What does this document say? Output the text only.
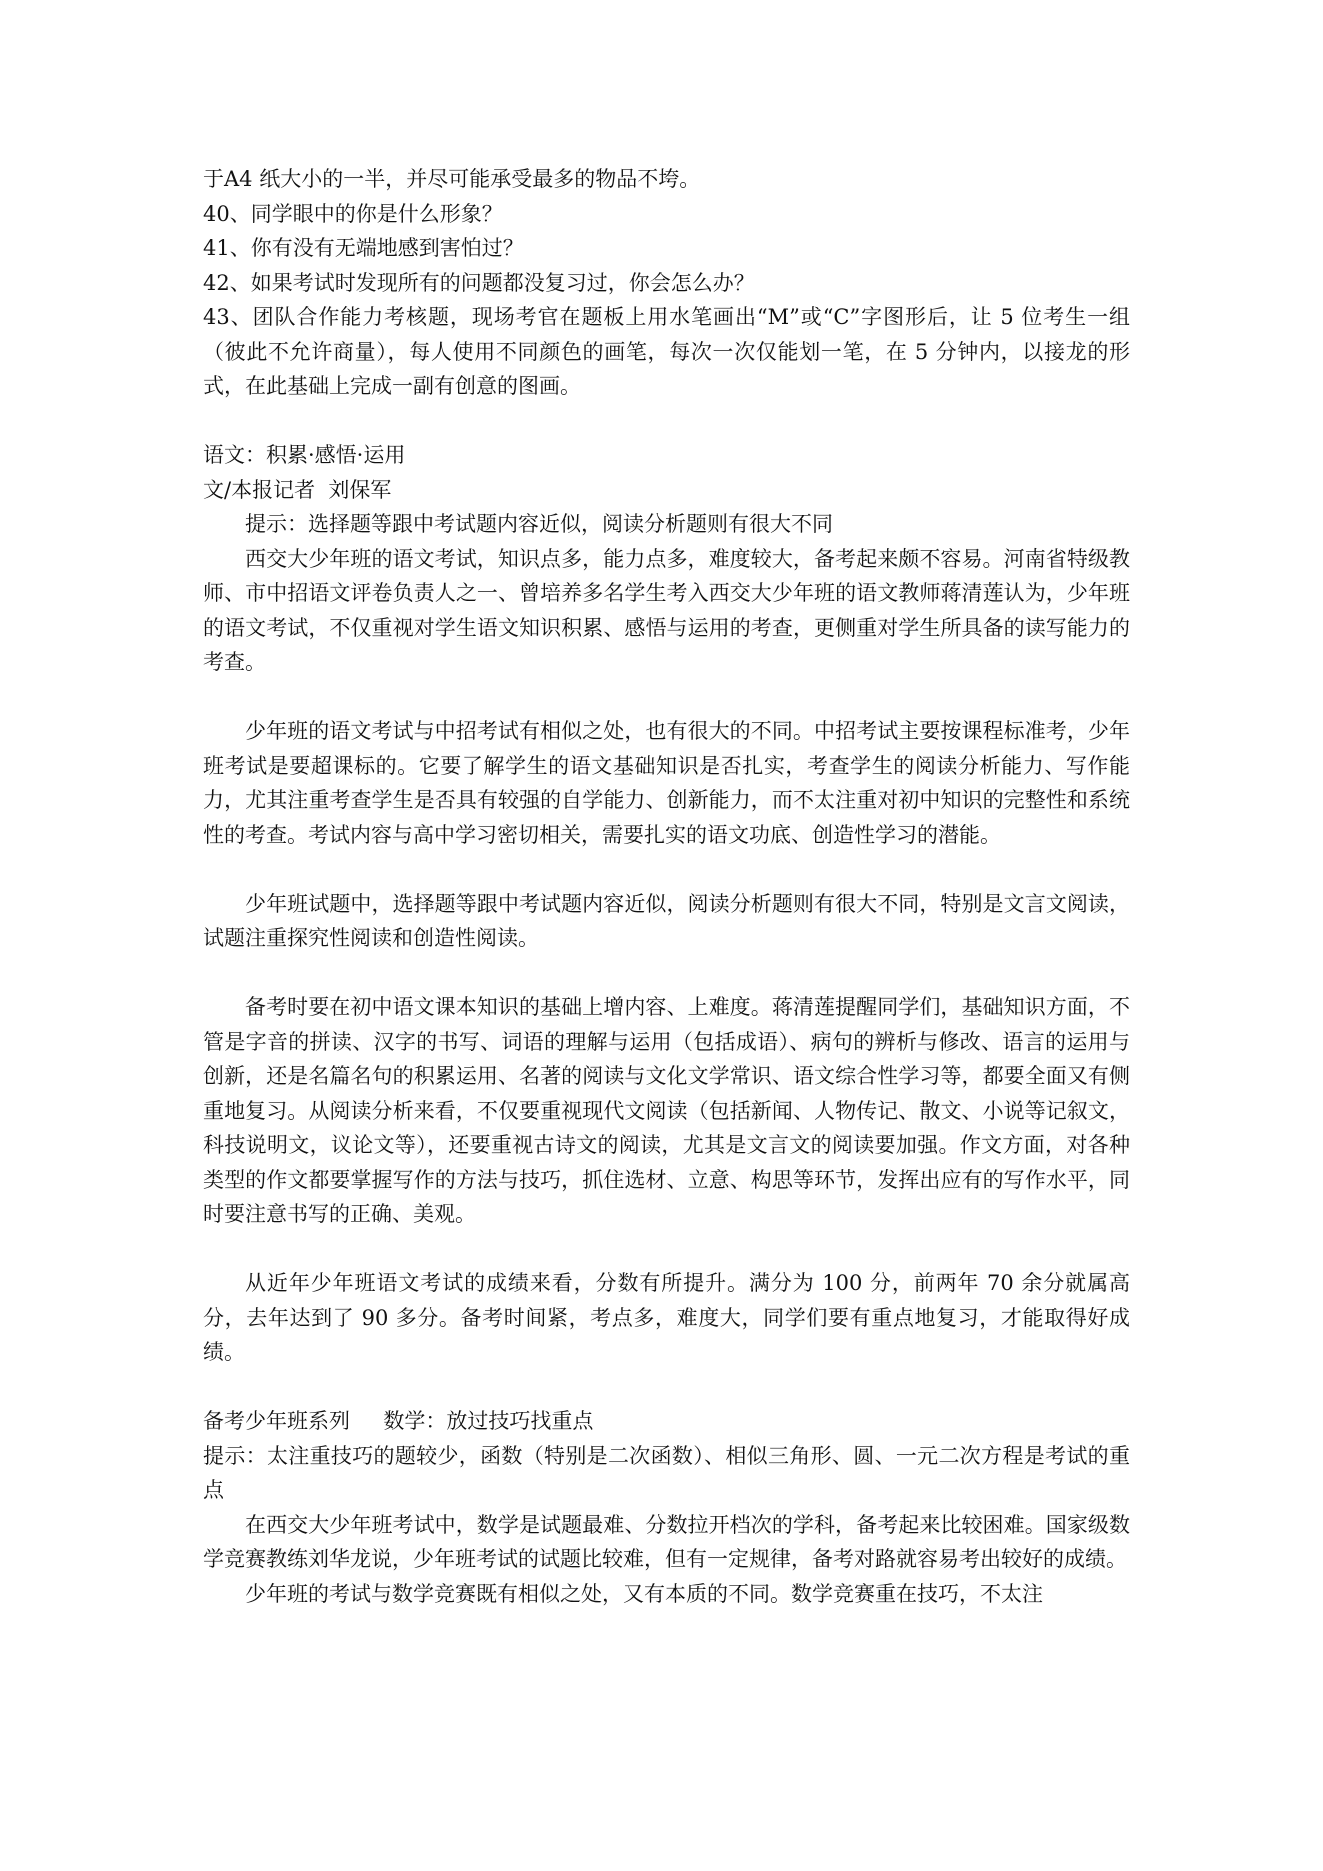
于A4 纸大小的一半，并尽可能承受最多的物品不垮。

40、同学眼中的你是什么形象？

41、你有没有无端地感到害怕过？

42、如果考试时发现所有的问题都没复习过，你会怎么办？

43、团队合作能力考核题，现场考官在题板上用水笔画出“M”或“C”字图形后，让 5 位考生一组（彼此不允许商量），每人使用不同颜色的画笔，每次一次仅能划一笔，在 5 分钟内，以接龙的形式，在此基础上完成一副有创意的图画。

语文：积累·感悟·运用

文/本报记者  刘保军

提示：选择题等跟中考试题内容近似，阅读分析题则有很大不同

西交大少年班的语文考试，知识点多，能力点多，难度较大，备考起来颇不容易。河南省特级教师、市中招语文评卷负责人之一、曾培养多名学生考入西交大少年班的语文教师蒋清莲认为，少年班的语文考试，不仅重视对学生语文知识积累、感悟与运用的考查，更侧重对学生所具备的读写能力的考查。

少年班的语文考试与中招考试有相似之处，也有很大的不同。中招考试主要按课程标准考，少年班考试是要超课标的。它要了解学生的语文基础知识是否扎实，考查学生的阅读分析能力、写作能力，尤其注重考查学生是否具有较强的自学能力、创新能力，而不太注重对初中知识的完整性和系统性的考查。考试内容与高中学习密切相关，需要扎实的语文功底、创造性学习的潜能。

少年班试题中，选择题等跟中考试题内容近似，阅读分析题则有很大不同，特别是文言文阅读，试题注重探究性阅读和创造性阅读。

备考时要在初中语文课本知识的基础上增内容、上难度。蒋清莲提醒同学们，基础知识方面，不管是字音的拼读、汉字的书写、词语的理解与运用（包括成语）、病句的辨析与修改、语言的运用与创新，还是名篇名句的积累运用、名著的阅读与文化文学常识、语文综合性学习等，都要全面又有侧重地复习。从阅读分析来看，不仅要重视现代文阅读（包括新闻、人物传记、散文、小说等记叙文，科技说明文，议论文等），还要重视古诗文的阅读，尤其是文言文的阅读要加强。作文方面，对各种类型的作文都要掌握写作的方法与技巧，抓住选材、立意、构思等环节，发挥出应有的写作水平，同时要注意书写的正确、美观。

从近年少年班语文考试的成绩来看，分数有所提升。满分为 100 分，前两年 70 余分就属高分，去年达到了 90 多分。备考时间紧，考点多，难度大，同学们要有重点地复习，才能取得好成绩。

备考少年班系列     数学：放过技巧找重点

提示：太注重技巧的题较少，函数（特别是二次函数）、相似三角形、圆、一元二次方程是考试的重点

在西交大少年班考试中，数学是试题最难、分数拉开档次的学科，备考起来比较困难。国家级数学竞赛教练刘华龙说，少年班考试的试题比较难，但有一定规律，备考对路就容易考出较好的成绩。

少年班的考试与数学竞赛既有相似之处，又有本质的不同。数学竞赛重在技巧，不太注
